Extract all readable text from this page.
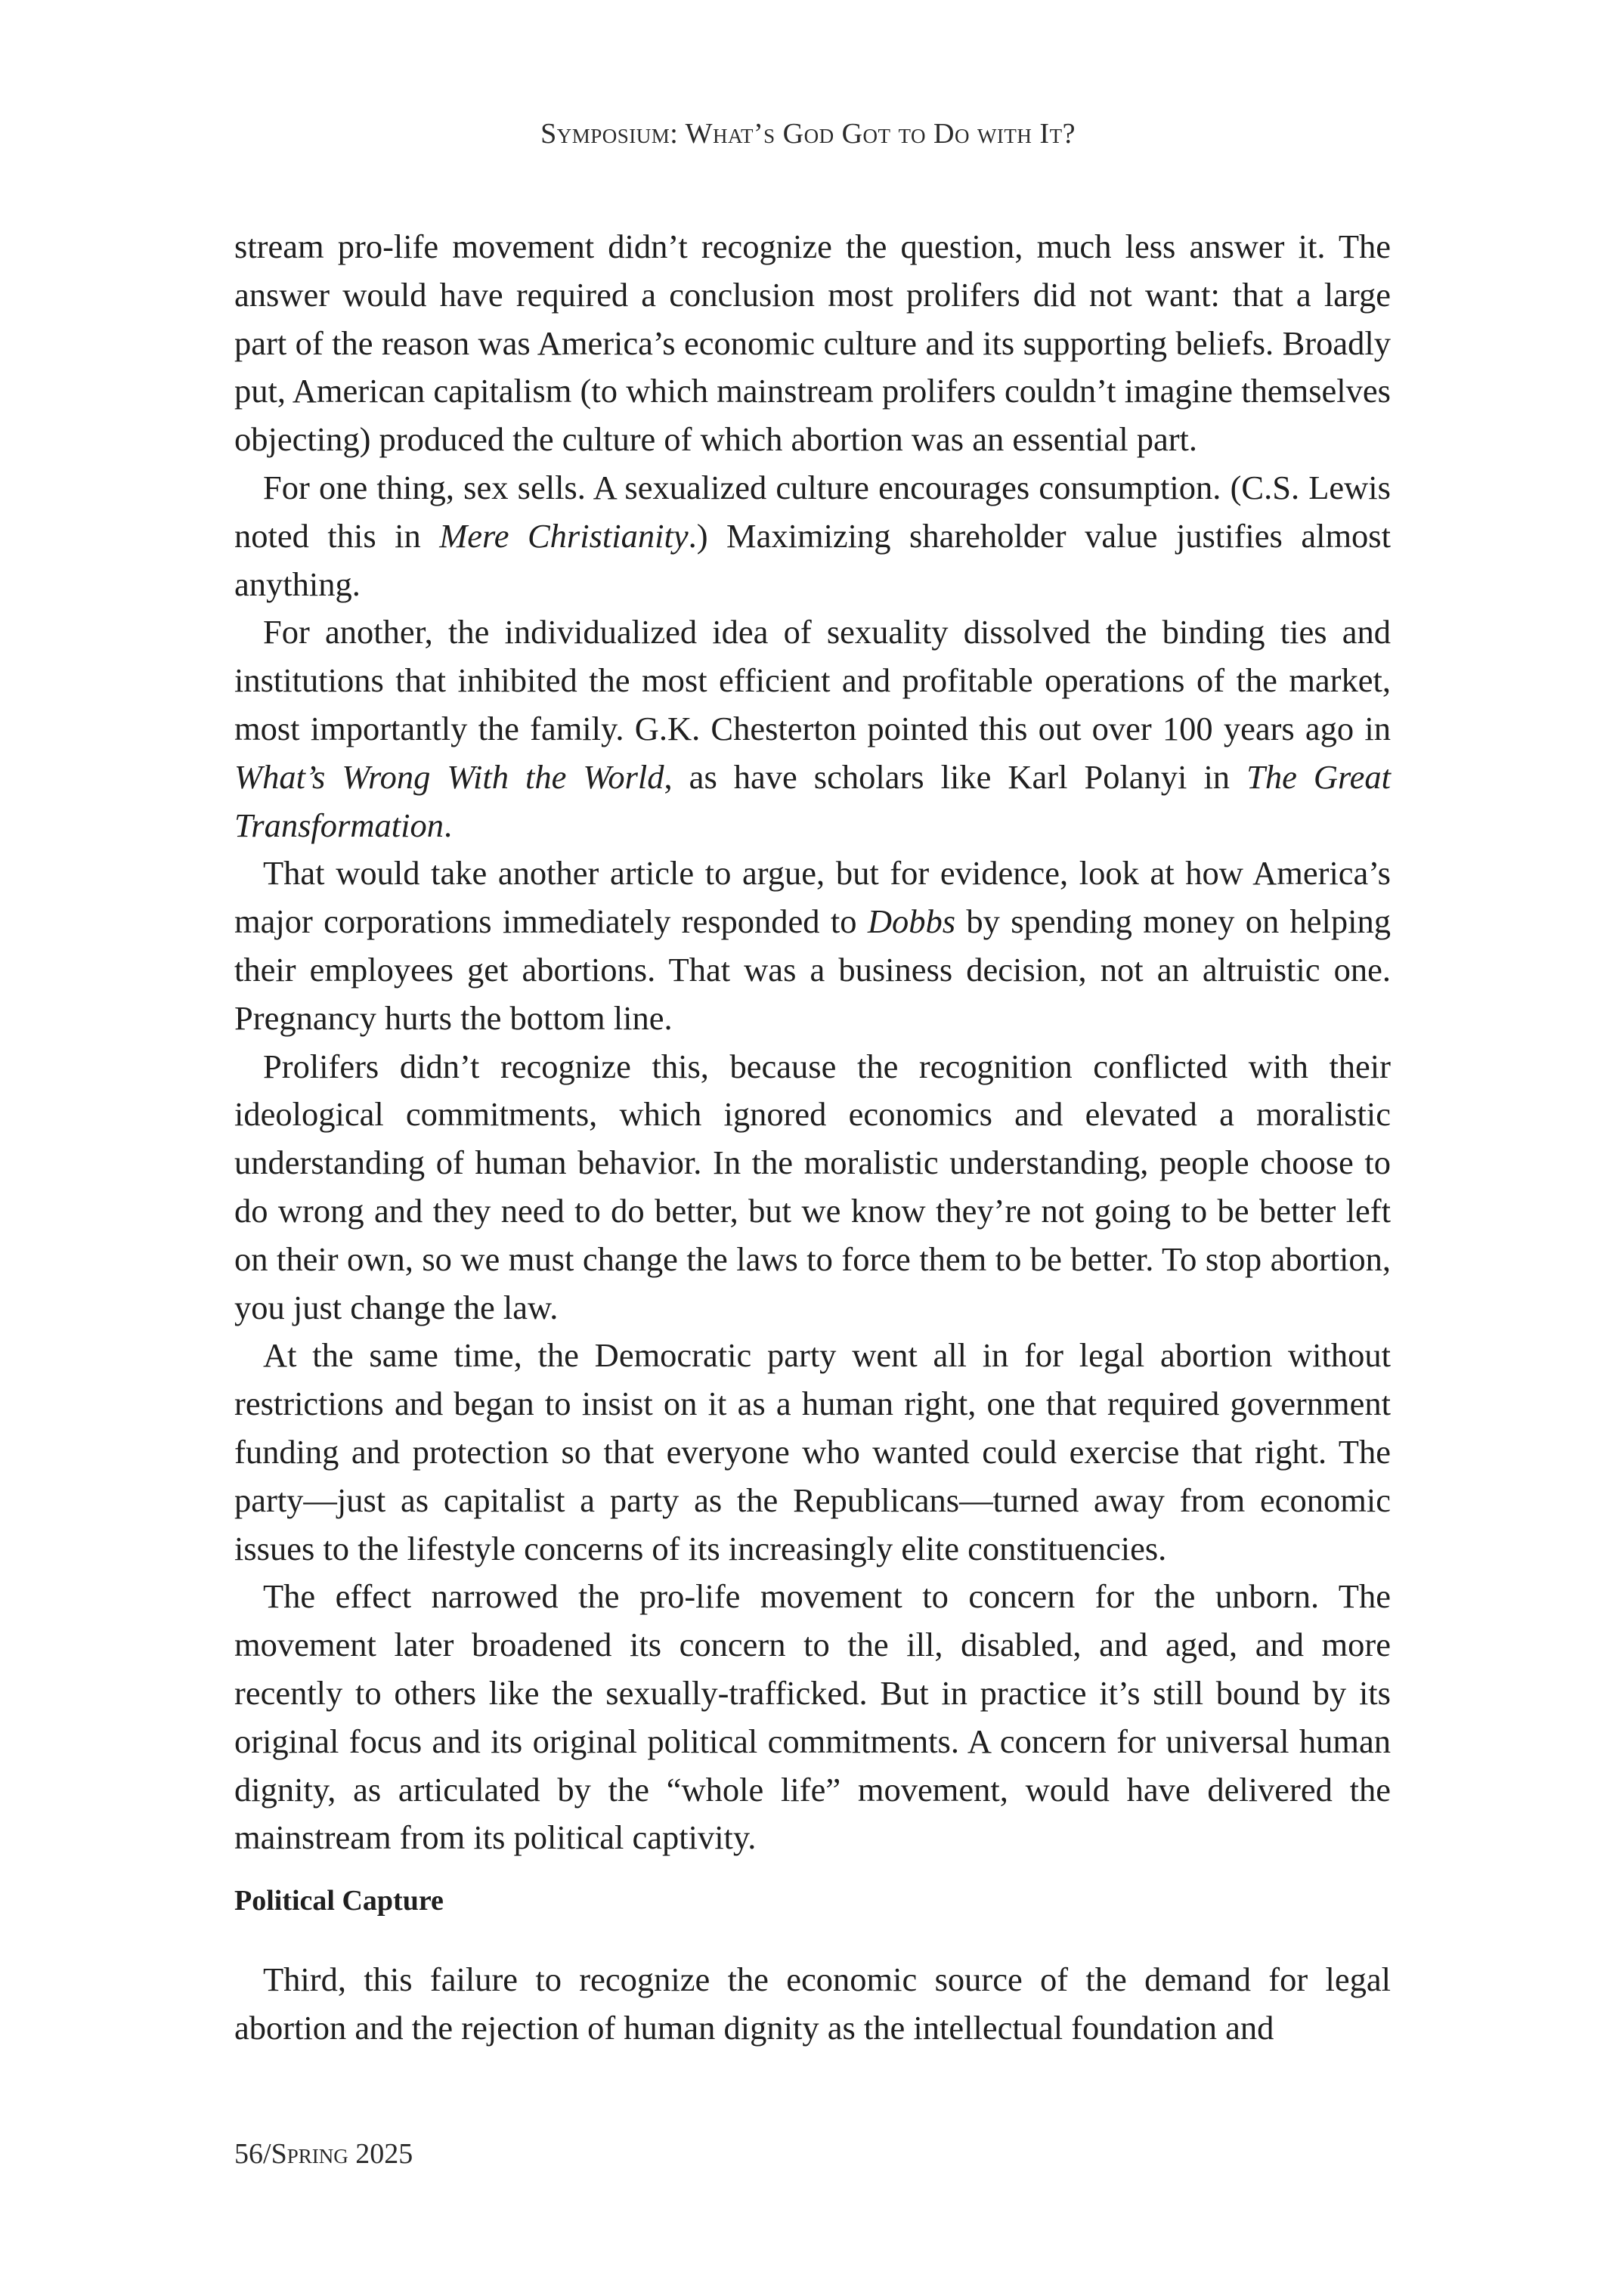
Symposium: What’s God Got to Do with It?

stream pro-life movement didn’t recognize the question, much less answer it. The answer would have required a conclusion most prolifers did not want: that a large part of the reason was America’s economic culture and its supporting beliefs. Broadly put, American capitalism (to which mainstream prolifers couldn’t imagine themselves objecting) produced the culture of which abortion was an essential part.

For one thing, sex sells. A sexualized culture encourages consumption. (C.S. Lewis noted this in Mere Christianity.) Maximizing shareholder value justifies almost anything.

For another, the individualized idea of sexuality dissolved the binding ties and institutions that inhibited the most efficient and profitable operations of the market, most importantly the family. G.K. Chesterton pointed this out over 100 years ago in What’s Wrong With the World, as have scholars like Karl Polanyi in The Great Transformation.

That would take another article to argue, but for evidence, look at how America’s major corporations immediately responded to Dobbs by spending money on helping their employees get abortions. That was a business decision, not an altruistic one. Pregnancy hurts the bottom line.

Prolifers didn’t recognize this, because the recognition conflicted with their ideological commitments, which ignored economics and elevated a moralistic understanding of human behavior. In the moralistic understanding, people choose to do wrong and they need to do better, but we know they’re not going to be better left on their own, so we must change the laws to force them to be better. To stop abortion, you just change the law.

At the same time, the Democratic party went all in for legal abortion without restrictions and began to insist on it as a human right, one that required government funding and protection so that everyone who wanted could exercise that right. The party—just as capitalist a party as the Republicans—turned away from economic issues to the lifestyle concerns of its increasingly elite constituencies.

The effect narrowed the pro-life movement to concern for the unborn. The movement later broadened its concern to the ill, disabled, and aged, and more recently to others like the sexually-trafficked. But in practice it’s still bound by its original focus and its original political commitments. A concern for universal human dignity, as articulated by the “whole life” movement, would have delivered the mainstream from its political captivity.

Political Capture

Third, this failure to recognize the economic source of the demand for legal abortion and the rejection of human dignity as the intellectual foundation and

56/Spring 2025
